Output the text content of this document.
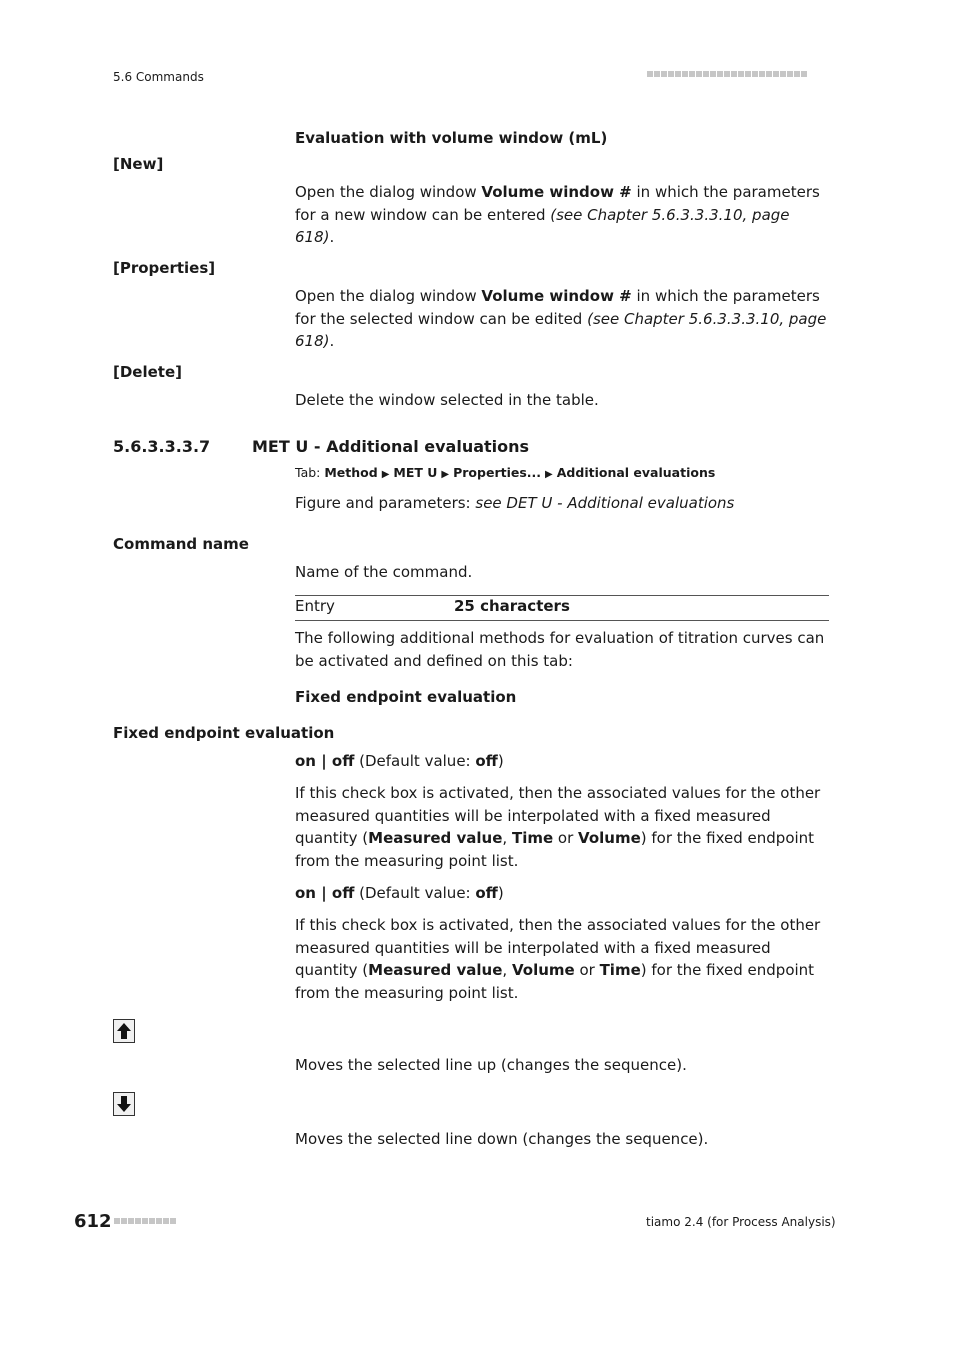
5.6 Commands
Evaluation with volume window (mL)
[New]
Open the dialog window Volume window # in which the parameters for a new window can be entered (see Chapter 5.6.3.3.3.10, page 618).
[Properties]
Open the dialog window Volume window # in which the parameters for the selected window can be edited (see Chapter 5.6.3.3.3.10, page 618).
[Delete]
Delete the window selected in the table.
5.6.3.3.3.7	MET U - Additional evaluations
Tab: Method ▶ MET U ▶ Properties... ▶ Additional evaluations
Figure and parameters: see DET U - Additional evaluations
Command name
Name of the command.
Entry	25 characters
The following additional methods for evaluation of titration curves can be activated and defined on this tab:
Fixed endpoint evaluation
Fixed endpoint evaluation
on | off (Default value: off)
If this check box is activated, then the associated values for the other measured quantities will be interpolated with a fixed measured quantity (Measured value, Time or Volume) for the fixed endpoint from the measuring point list.
on | off (Default value: off)
If this check box is activated, then the associated values for the other measured quantities will be interpolated with a fixed measured quantity (Measured value, Volume or Time) for the fixed endpoint from the measuring point list.
Moves the selected line up (changes the sequence).
Moves the selected line down (changes the sequence).
612	tiamo 2.4 (for Process Analysis)
